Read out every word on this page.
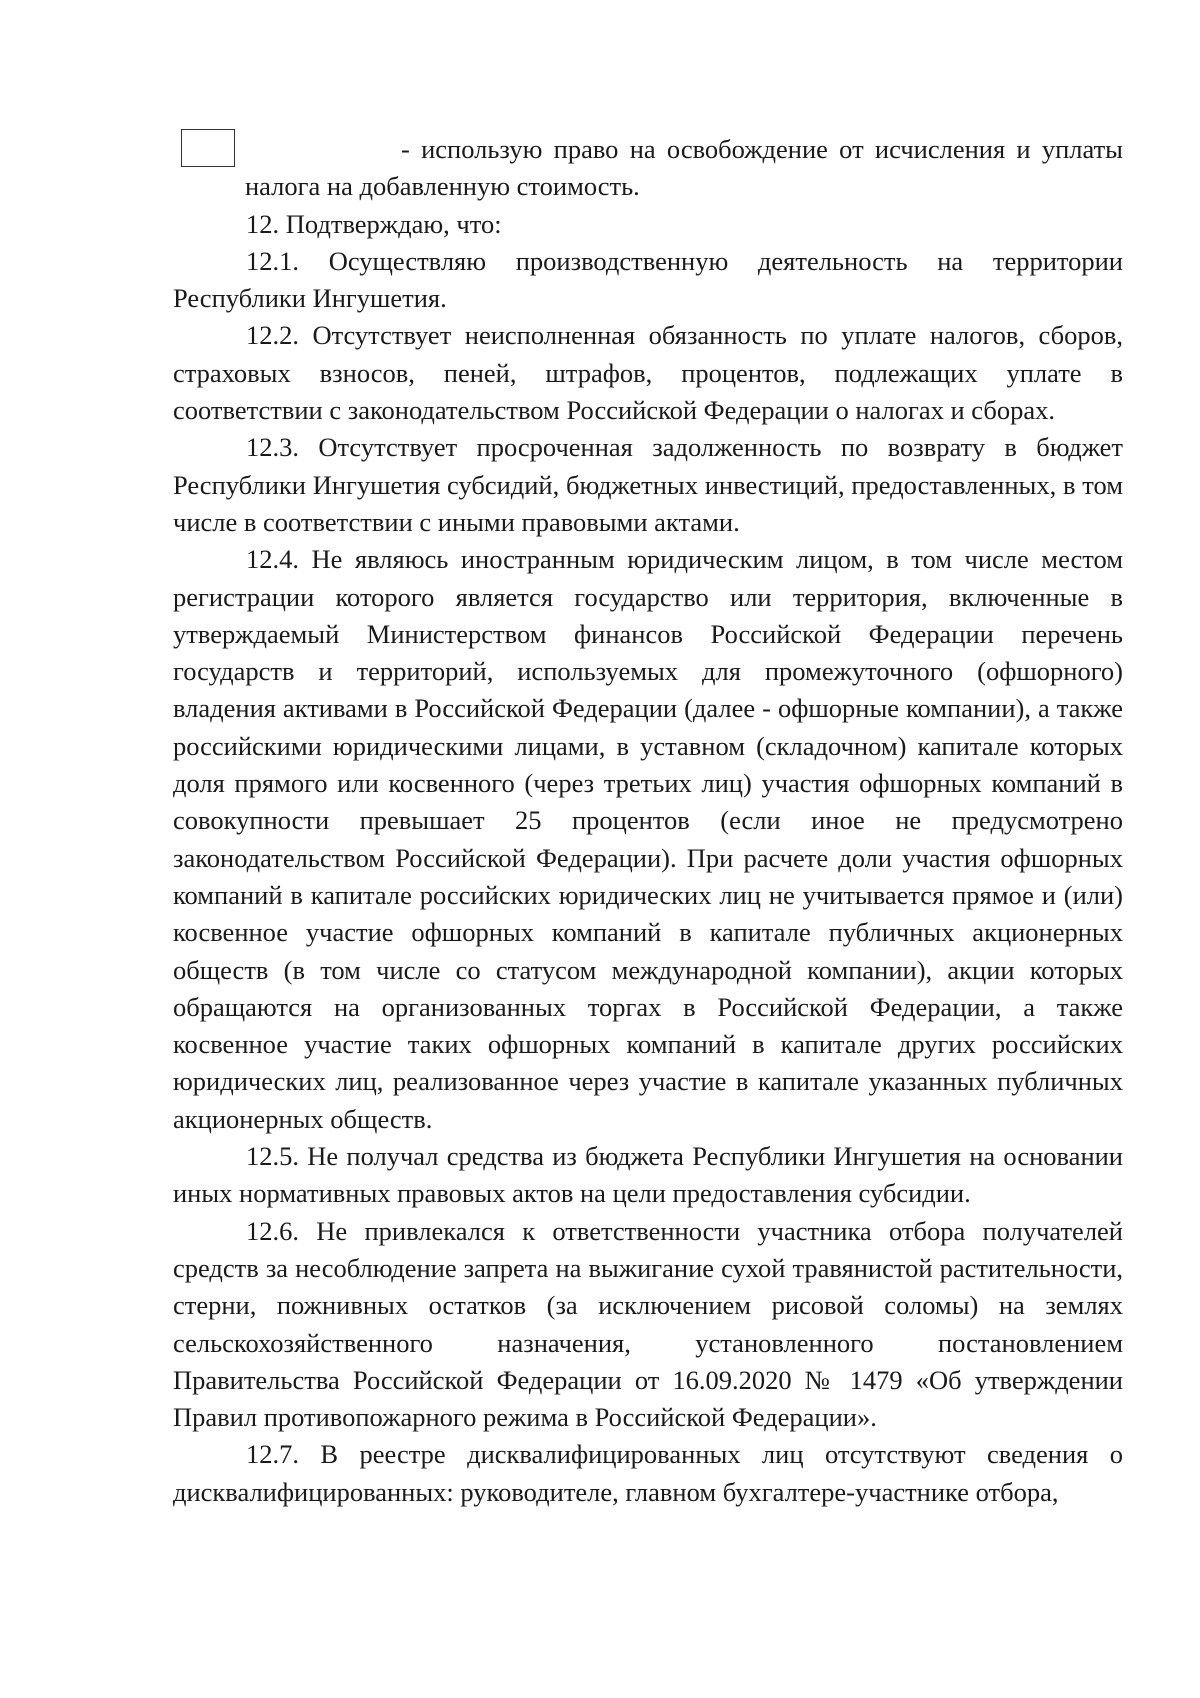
- использую право на освобождение от исчисления и уплаты
налога на добавленную стоимость.

12. Подтверждаю, что:

12.1. Осуществляю производственную деятельность на территории Республики Ингушетия.

12.2. Отсутствует неисполненная обязанность по уплате налогов, сборов, страховых взносов, пеней, штрафов, процентов, подлежащих уплате в соответствии с законодательством Российской Федерации о налогах и сборах.

12.3. Отсутствует просроченная задолженность по возврату в бюджет Республики Ингушетия субсидий, бюджетных инвестиций, предоставленных, в том числе в соответствии с иными правовыми актами.

12.4. Не являюсь иностранным юридическим лицом, в том числе местом регистрации которого является государство или территория, включенные в утверждаемый Министерством финансов Российской Федерации перечень государств и территорий, используемых для промежуточного (офшорного) владения активами в Российской Федерации (далее - офшорные компании), а также российскими юридическими лицами, в уставном (складочном) капитале которых доля прямого или косвенного (через третьих лиц) участия офшорных компаний в совокупности превышает 25 процентов (если иное не предусмотрено законодательством Российской Федерации). При расчете доли участия офшорных компаний в капитале российских юридических лиц не учитывается прямое и (или) косвенное участие офшорных компаний в капитале публичных акционерных обществ (в том числе со статусом международной компании), акции которых обращаются на организованных торгах в Российской Федерации, а также косвенное участие таких офшорных компаний в капитале других российских юридических лиц, реализованное через участие в капитале указанных публичных акционерных обществ.

12.5. Не получал средства из бюджета Республики Ингушетия на основании иных нормативных правовых актов на цели предоставления субсидии.

12.6. Не привлекался к ответственности участника отбора получателей средств за несоблюдение запрета на выжигание сухой травянистой растительности, стерни, пожнивных остатков (за исключением рисовой соломы) на землях сельскохозяйственного назначения, установленного постановлением Правительства Российской Федерации от 16.09.2020 № 1479 «Об утверждении Правил противопожарного режима в Российской Федерации».

12.7. В реестре дисквалифицированных лиц отсутствуют сведения о дисквалифицированных: руководителе, главном бухгалтере-участнике отбора,
